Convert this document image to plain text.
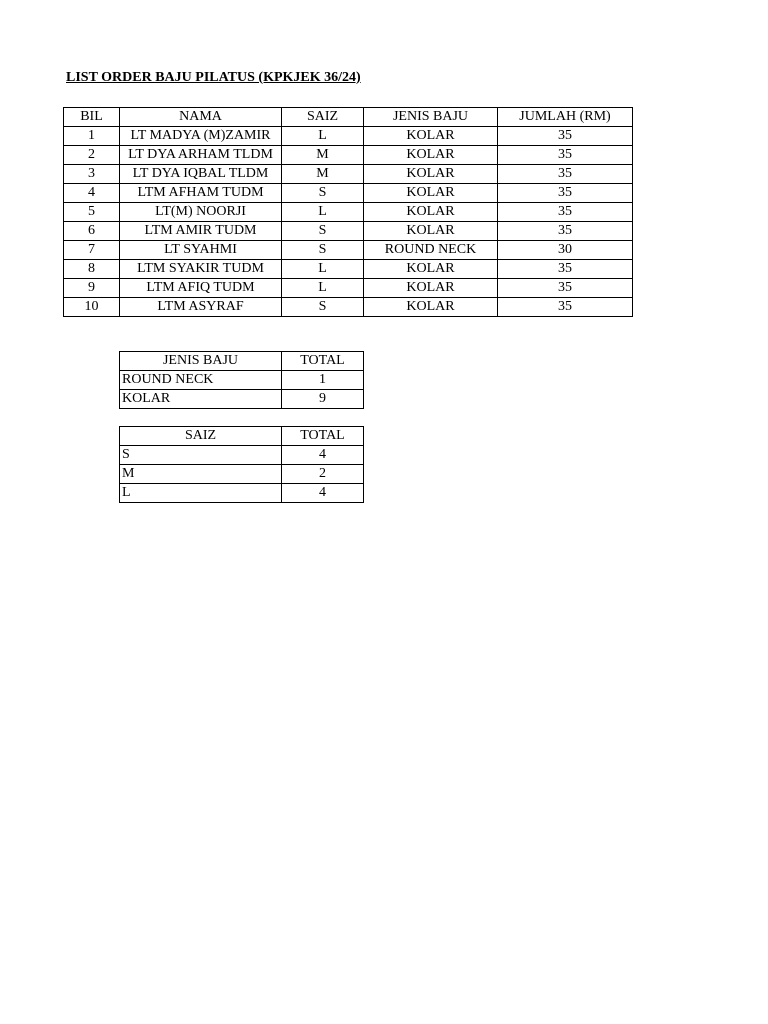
LIST ORDER BAJU PILATUS (KPKJEK 36/24)
BIL	NAMA	SAIZ	JENIS BAJU	JUMLAH (RM)
1	LT MADYA (M)ZAMIR	L	KOLAR	35
2	LT DYA ARHAM TLDM	M	KOLAR	35
3	LT DYA IQBAL TLDM	M	KOLAR	35
4	LTM AFHAM TUDM	S	KOLAR	35
5	LT(M) NOORJI	L	KOLAR	35
6	LTM AMIR TUDM	S	KOLAR	35
7	LT SYAHMI	S	ROUND NECK	30
8	LTM SYAKIR TUDM	L	KOLAR	35
9	LTM AFIQ TUDM	L	KOLAR	35
10	LTM ASYRAF	S	KOLAR	35
JENIS BAJU	TOTAL
ROUND NECK	1
KOLAR	9
SAIZ	TOTAL
S	4
M	2
L	4
